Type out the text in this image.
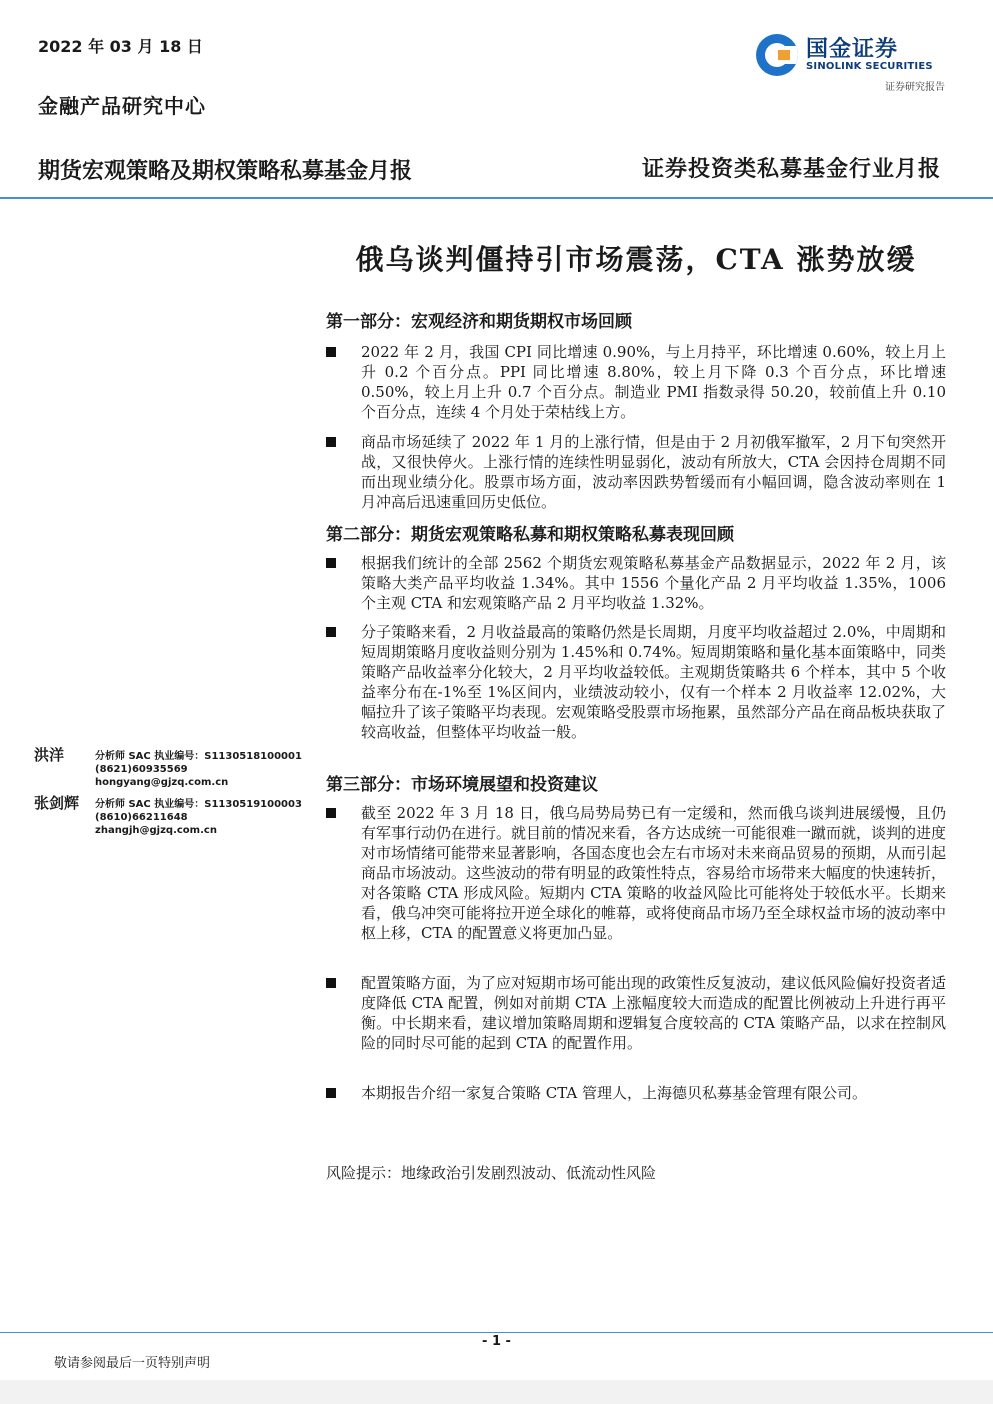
2022 年 03 月 18 日
金融产品研究中心
国金证券
SINOLINK SECURITIES
证券研究报告
期货宏观策略及期权策略私募基金月报	证券投资类私募基金行业月报
俄乌谈判僵持引市场震荡，CTA 涨势放缓
第一部分：宏观经济和期货期权市场回顾
2022 年 2 月，我国 CPI 同比增速 0.90%，与上月持平，环比增速 0.60%，较上月上升 0.2 个百分点。PPI 同比增速 8.80%，较上月下降 0.3 个百分点，环比增速 0.50%，较上月上升 0.7 个百分点。制造业 PMI 指数录得 50.20，较前值上升 0.10 个百分点，连续 4 个月处于荣枯线上方。
商品市场延续了 2022 年 1 月的上涨行情，但是由于 2 月初俄军撤军，2 月下旬突然开战，又很快停火。上涨行情的连续性明显弱化，波动有所放大，CTA 会因持仓周期不同而出现业绩分化。股票市场方面，波动率因跌势暂缓而有小幅回调，隐含波动率则在 1 月冲高后迅速重回历史低位。
第二部分：期货宏观策略私募和期权策略私募表现回顾
根据我们统计的全部 2562 个期货宏观策略私募基金产品数据显示，2022 年 2 月，该策略大类产品平均收益 1.34%。其中 1556 个量化产品 2 月平均收益 1.35%，1006 个主观 CTA 和宏观策略产品 2 月平均收益 1.32%。
分子策略来看，2 月收益最高的策略仍然是长周期，月度平均收益超过 2.0%，中周期和短周期策略月度收益则分别为 1.45%和 0.74%。短周期策略和量化基本面策略中，同类策略产品收益率分化较大，2 月平均收益较低。主观期货策略共 6 个样本，其中 5 个收益率分布在-1%至 1%区间内，业绩波动较小，仅有一个样本 2 月收益率 12.02%，大幅拉升了该子策略平均表现。宏观策略受股票市场拖累，虽然部分产品在商品板块获取了较高收益，但整体平均收益一般。
第三部分：市场环境展望和投资建议
截至 2022 年 3 月 18 日，俄乌局势局势已有一定缓和，然而俄乌谈判进展缓慢，且仍有军事行动仍在进行。就目前的情况来看，各方达成统一可能很难一蹴而就，谈判的进度对市场情绪可能带来显著影响，各国态度也会左右市场对未来商品贸易的预期，从而引起商品市场波动。这些波动的带有明显的政策性特点，容易给市场带来大幅度的快速转折，对各策略 CTA 形成风险。短期内 CTA 策略的收益风险比可能将处于较低水平。长期来看，俄乌冲突可能将拉开逆全球化的帷幕，或将使商品市场乃至全球权益市场的波动率中枢上移，CTA 的配置意义将更加凸显。
配置策略方面，为了应对短期市场可能出现的政策性反复波动，建议低风险偏好投资者适度降低 CTA 配置，例如对前期 CTA 上涨幅度较大而造成的配置比例被动上升进行再平衡。中长期来看，建议增加策略周期和逻辑复合度较高的 CTA 策略产品，以求在控制风险的同时尽可能的起到 CTA 的配置作用。
本期报告介绍一家复合策略 CTA 管理人，上海德贝私募基金管理有限公司。
洪洋	分析师 SAC 执业编号：S1130518100001
(8621)60935569
hongyang@gjzq.com.cn
张剑辉 分析师 SAC 执业编号：S1130519100003
(8610)66211648
zhangjh@gjzq.com.cn
风险提示：地缘政治引发剧烈波动、低流动性风险
- 1 -
敬请参阅最后一页特别声明
